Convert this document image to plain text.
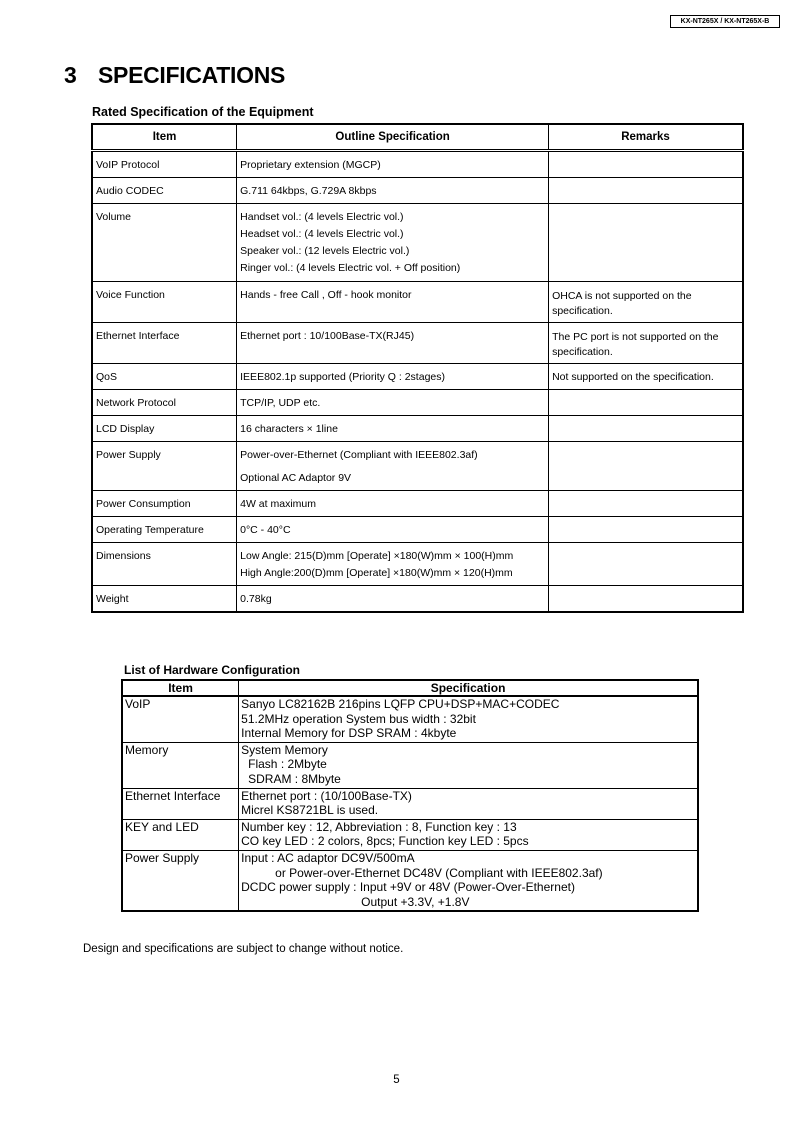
KX-NT265X / KX-NT265X-B
3 SPECIFICATIONS
Rated Specification of the Equipment
Item	Outline Specification	Remarks
VoIP Protocol	Proprietary extension (MGCP)	
Audio CODEC	G.711 64kbps, G.729A 8kbps	
Volume	Handset vol.: (4 levels Electric vol.)
Headset vol.: (4 levels Electric vol.)
Speaker vol.: (12 levels Electric vol.)
Ringer vol.: (4 levels Electric vol. + Off position)	

Voice Function	Hands - free Call , Off - hook monitor	OHCA is not supported on the
specification.

Ethernet Interface	Ethernet port : 10/100Base-TX(RJ45)	The PC port is not supported on the
specification.

QoS	IEEE802.1p supported (Priority Q : 2stages)	Not supported on the specification.
Network Protocol	TCP/IP, UDP etc.	
LCD Display	16 characters × 1line	
Power Supply	Power-over-Ethernet (Compliant with IEEE802.3af)
Optional AC Adaptor 9V	

Power Consumption	4W at maximum	
Operating Temperature	0°C - 40°C	
Dimensions	Low Angle: 215(D)mm [Operate] ×180(W)mm × 100(H)mm
High Angle:200(D)mm [Operate] ×180(W)mm × 120(H)mm	

Weight	0.78kg	
List of Hardware Configuration
Item	Specification
VoIP	Sanyo LC82162B 216pins LQFP CPU+DSP+MAC+CODEC
51.2MHz operation System bus width : 32bit
Internal Memory for DSP SRAM : 4kbyte

Memory	System Memory
Flash : 2Mbyte
SDRAM : 8Mbyte

Ethernet Interface	Ethernet port : (10/100Base-TX)
Micrel KS8721BL is used.

KEY and LED	Number key : 12, Abbreviation : 8, Function key : 13
CO key LED : 2 colors, 8pcs; Function key LED : 5pcs

Power Supply	Input : AC adaptor DC9V/500mA
or Power-over-Ethernet DC48V (Compliant with IEEE802.3af)
DCDC power supply : Input +9V or 48V (Power-Over-Ethernet)
Output +3.3V, +1.8V
Design and specifications are subject to change without notice.
5
